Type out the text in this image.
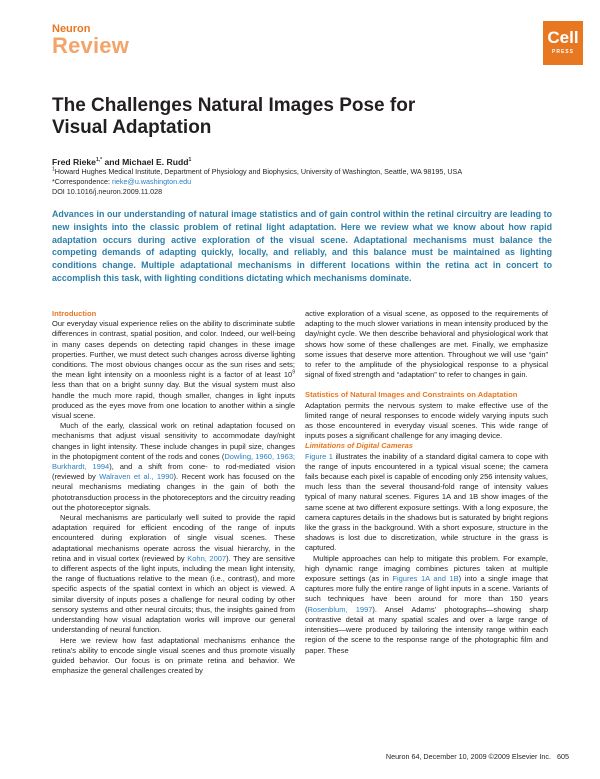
Neuron
Review	Cell
PRESS
The Challenges Natural Images Pose for Visual Adaptation
Fred Rieke$^{1,*}$ and Michael E. Rudd$^1$
$^1$Howard Hughes Medical Institute, Department of Physiology and Biophysics, University of Washington, Seattle, WA 98195, USA
*Correspondence: rieke@u.washington.edu
DOI 10.1016/j.neuron.2009.11.028
Advances in our understanding of natural image statistics and of gain control within the retinal circuitry are leading to new insights into the classic problem of retinal light adaptation. Here we review what we know about how rapid adaptation occurs during active exploration of the visual scene. Adaptational mechanisms must balance the competing demands of adapting quickly, locally, and reliably, and this balance must be maintained as lighting conditions change. Multiple adaptational mechanisms in different locations within the retina act in concert to accomplish this task, with lighting conditions dictating which mechanisms dominate.
Introduction

Our everyday visual experience relies on the ability to discriminate subtle differences in contrast, spatial position, and color. Indeed, our well-being in many cases depends on detecting rapid changes in these image properties. Further, we must detect such changes across diverse lighting conditions. The most obvious changes occur as the sun rises and sets; the mean light intensity on a moonless night is a factor of at least $10^9$ less than that on a bright sunny day. But the visual system must also handle the much more rapid, though smaller, changes in light inputs produced as the eyes move from one location to another within a single visual scene.

Much of the early, classical work on retinal adaptation focused on mechanisms that adjust visual sensitivity to accommodate day/night changes in light intensity. These include changes in pupil size, changes in the photopigment content of the rods and cones (Dowling, 1960, 1963; Burkhardt, 1994), and a shift from cone- to rod-mediated vision (reviewed by Walraven et al., 1990). Recent work has focused on the neural mechanisms mediating changes in the gain of both the phototransduction process in the photoreceptors and the circuitry reading out the photoreceptor signals.

Neural mechanisms are particularly well suited to provide the rapid adaptation required for efficient encoding of the range of inputs encountered during exploration of single visual scenes. These adaptational mechanisms operate across the visual hierarchy, in the retina and in visual cortex (reviewed by Kohn, 2007). They are sensitive to different aspects of the light inputs, including the mean light intensity, the range of fluctuations relative to the mean (i.e., contrast), and more specific aspects of the spatial context in which an object is viewed. A similar diversity of inputs poses a challenge for neural coding by other sensory systems and other neural circuits; thus, the insights gained from understanding how visual adaptation works will improve our general understanding of neural function.

Here we review how fast adaptational mechanisms enhance the retina's ability to encode single visual scenes and thus promote visually guided behavior. Our focus is on primate retina and behavior. We emphasize the general challenges created by

active exploration of a visual scene, as opposed to the requirements of adapting to the much slower variations in mean intensity produced by the day/night cycle. We then describe behavioral and physiological work that shows how some of these challenges are met. Finally, we emphasize some issues that deserve more attention. Throughout we will use “gain” to refer to the amplitude of the physiological response to a physical signal of fixed strength and “adaptation” to refer to changes in gain.

Statistics of Natural Images and Constraints on Adaptation

Adaptation permits the nervous system to make effective use of the limited range of neural responses to encode widely varying inputs such as those encountered in everyday visual scenes. This wide range of inputs poses a significant challenge for any imaging device.

Limitations of Digital Cameras

Figure 1 illustrates the inability of a standard digital camera to cope with the range of inputs encountered in a typical visual scene; the camera fails because each pixel is capable of encoding only 256 intensity values, much less than the several thousand-fold range of intensity values typical of many natural scenes. Figures 1A and 1B show images of the same scene at two different exposure settings. With a long exposure, the camera captures details in the shadows but is saturated by bright regions like the grass in the background. With a short exposure, structure in the shadows is lost due to discretization, while structure in the grass is captured.

Multiple approaches can help to mitigate this problem. For example, high dynamic range imaging combines pictures taken at multiple exposure settings (as in Figures 1A and 1B) into a single image that captures more fully the entire range of light inputs in a scene. Variants of such techniques have been around for more than 150 years (Rosenblum, 1997). Ansel Adams' photographs—showing sharp contrastive detail at many spatial scales and over a large range of intensities—were produced by tailoring the intensity range within each region of the scene to the response range of the photographic film and paper. These

Neuron 64, December 10, 2009 ©2009 Elsevier Inc. 605
